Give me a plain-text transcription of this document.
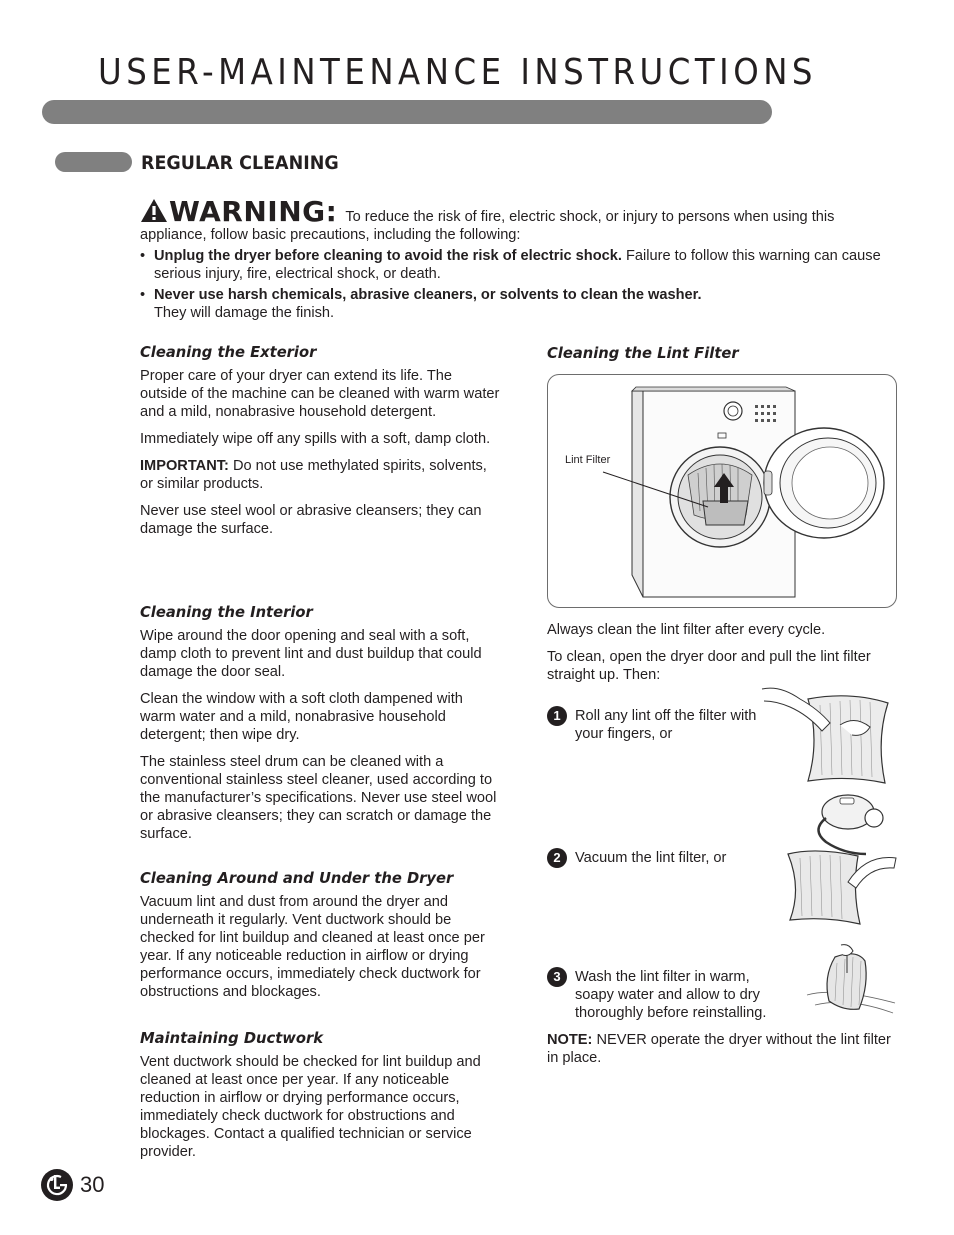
USER-MAINTENANCE INSTRUCTIONS
REGULAR CLEANING
WARNING: To reduce the risk of fire, electric shock, or injury to persons when using this appliance, follow basic precautions, including the following:
• Unplug the dryer before cleaning to avoid the risk of electric shock. Failure to follow this warning can cause serious injury, fire, electrical shock, or death.
• Never use harsh chemicals, abrasive cleaners, or solvents to clean the washer.
They will damage the finish.
Cleaning the Exterior

Proper care of your dryer can extend its life. The outside of the machine can be cleaned with warm water and a mild, nonabrasive household detergent.

Immediately wipe off any spills with a soft, damp cloth.

IMPORTANT: Do not use methylated spirits, solvents, or similar products.

Never use steel wool or abrasive cleansers; they can damage the surface.

Cleaning the Interior

Wipe around the door opening and seal with a soft, damp cloth to prevent lint and dust buildup that could damage the door seal.

Clean the window with a soft cloth dampened with warm water and a mild, nonabrasive household detergent; then wipe dry.

The stainless steel drum can be cleaned with a conventional stainless steel cleaner, used according to the manufacturer’s specifications. Never use steel wool or abrasive cleansers; they can scratch or damage the surface.

Cleaning Around and Under the Dryer

Vacuum lint and dust from around the dryer and underneath it regularly. Vent ductwork should be checked for lint buildup and cleaned at least once per year. If any noticeable reduction in airflow or drying performance occurs, immediately check ductwork for obstructions and blockages.

Maintaining Ductwork

Vent ductwork should be checked for lint buildup and cleaned at least once per year. If any noticeable reduction in airflow or drying performance occurs, immediately check ductwork for obstructions and blockages. Contact a qualified technician or service provider.

Cleaning the Lint Filter
Lint Filter

Always clean the lint filter after every cycle.

To clean, open the dryer door and pull the lint filter straight up. Then:

1 Roll any lint off the filter with your fingers, or
2 Vacuum the lint filter, or
3 Wash the lint filter in warm, soapy water and allow to dry thoroughly before reinstalling.

NOTE: NEVER operate the dryer without the lint filter in place.

30
